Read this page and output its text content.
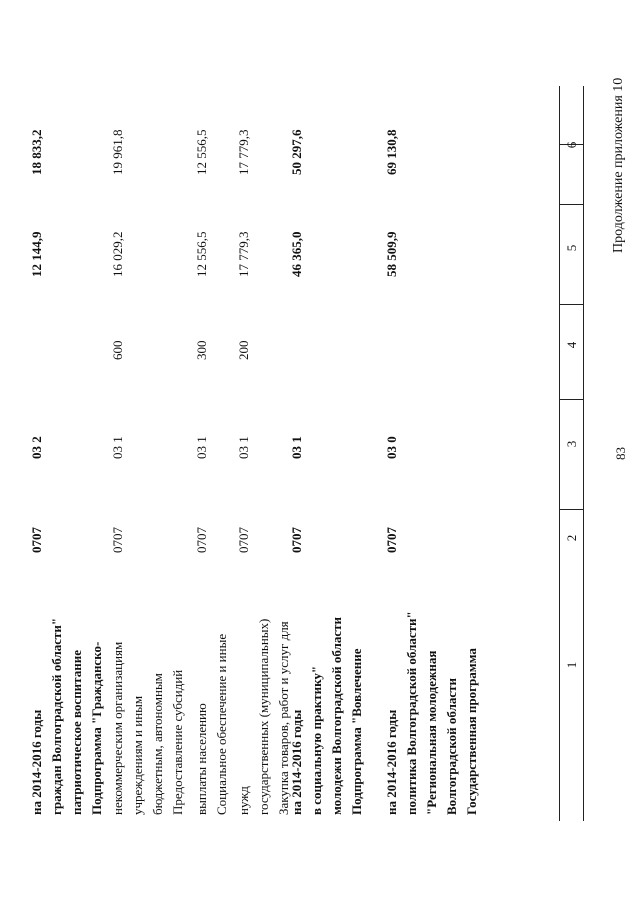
83
Продолжение приложения 10
1
2
3
4
5
6
Государственная программа
Волгоградской области
"Региональная молодежная
политика Волгоградской области"
на 2014-2016 годы
0707
03 0
58 509,9
69 130,8
Подпрограмма "Вовлечение
молодежи Волгоградской области
в социальную практику"
на 2014-2016 годы
0707
03 1
46 365,0
50 297,6
Закупка товаров, работ и услуг для
государственных (муниципальных)
нужд
0707
03 1
200
17 779,3
17 779,3
Социальное обеспечение и иные
выплаты населению
0707
03 1
300
12 556,5
12 556,5
Предоставление субсидий
бюджетным, автономным
учреждениям и иным
некоммерческим организациям
0707
03 1
600
16 029,2
19 961,8
Подпрограмма "Гражданско-
патриотическое воспитание
граждан Волгоградской области"
на 2014-2016 годы
0707
03 2
12 144,9
18 833,2
